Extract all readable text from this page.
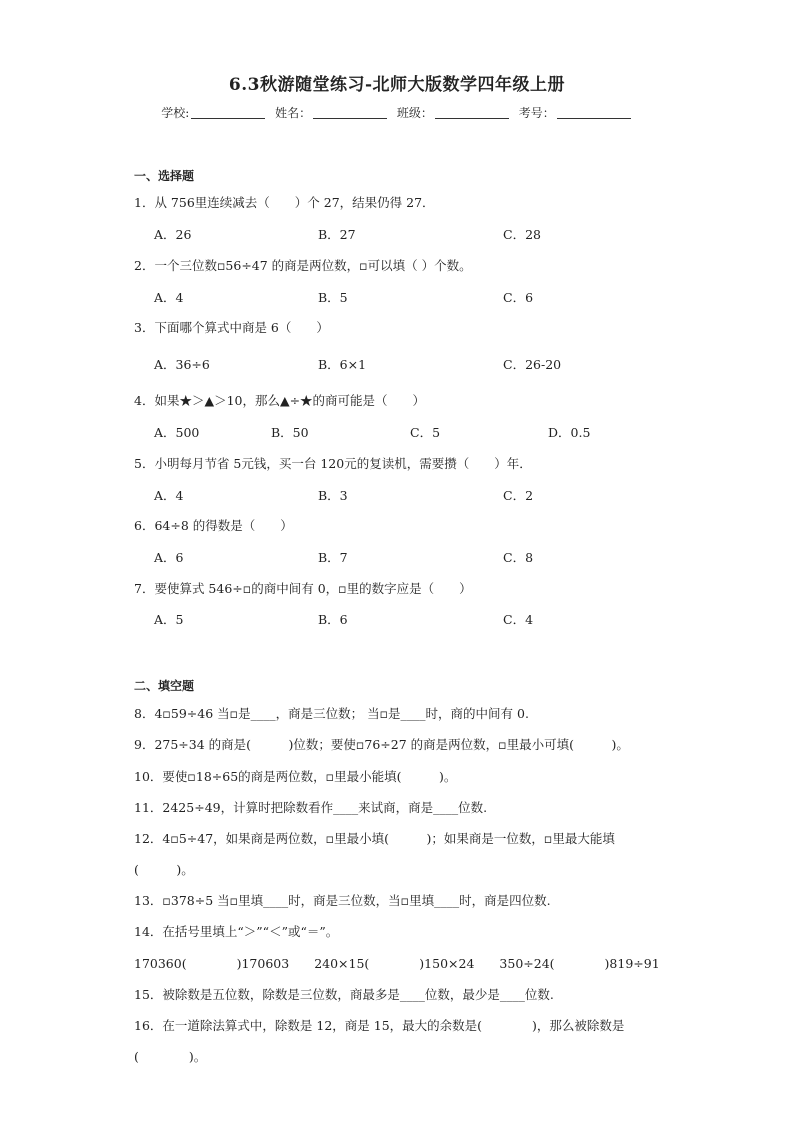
6.3秋游随堂练习-北师大版数学四年级上册
学校:	姓名：	班级：	考号：
一、选择题
1．从 756里连续减去（　　）个 27，结果仍得 27．
A．26	B．27	C．28
2．一个三位数▫56÷47 的商是两位数，▫可以填（ ）个数。
A．4	B．5	C．6
3．下面哪个算式中商是 6（　　）
A．36÷6	B．6×1	C．26-20
4．如果★＞▲＞10，那么▲÷★的商可能是（　　）
A．500	B．50	C．5	D．0.5
5．小明每月节省 5元钱，买一台 120元的复读机，需要攒（　　）年．
A．4	B．3	C．2
6．64÷8 的得数是（　　）
A．6	B．7	C．8
7．要使算式 546÷▫的商中间有 0，▫里的数字应是（　　）
A．5	B．6	C．4
二、填空题
8．4▫59÷46 当▫是____，商是三位数； 当▫是____时，商的中间有 0.
9．275÷34 的商是(　　　)位数；要使▫76÷27 的商是两位数，▫里最小可填(　　　)。
10．要使▫18÷65的商是两位数，▫里最小能填(　　　)。
11．2425÷49，计算时把除数看作____来试商，商是____位数.
12．4▫5÷47，如果商是两位数，▫里最小填(　　　)；如果商是一位数，▫里最大能填
(　　　)。
13．▫378÷5 当▫里填____时，商是三位数，当▫里填____时，商是四位数.
14．在括号里填上“＞”“＜”或“＝”。
170360(　　　　)170603　　240×15(　　　　)150×24　　350÷24(　　　　)819÷91
15．被除数是五位数，除数是三位数，商最多是____位数，最少是____位数.
16．在一道除法算式中，除数是 12，商是 15，最大的余数是(　　　　)，那么被除数是
(　　　　)。
